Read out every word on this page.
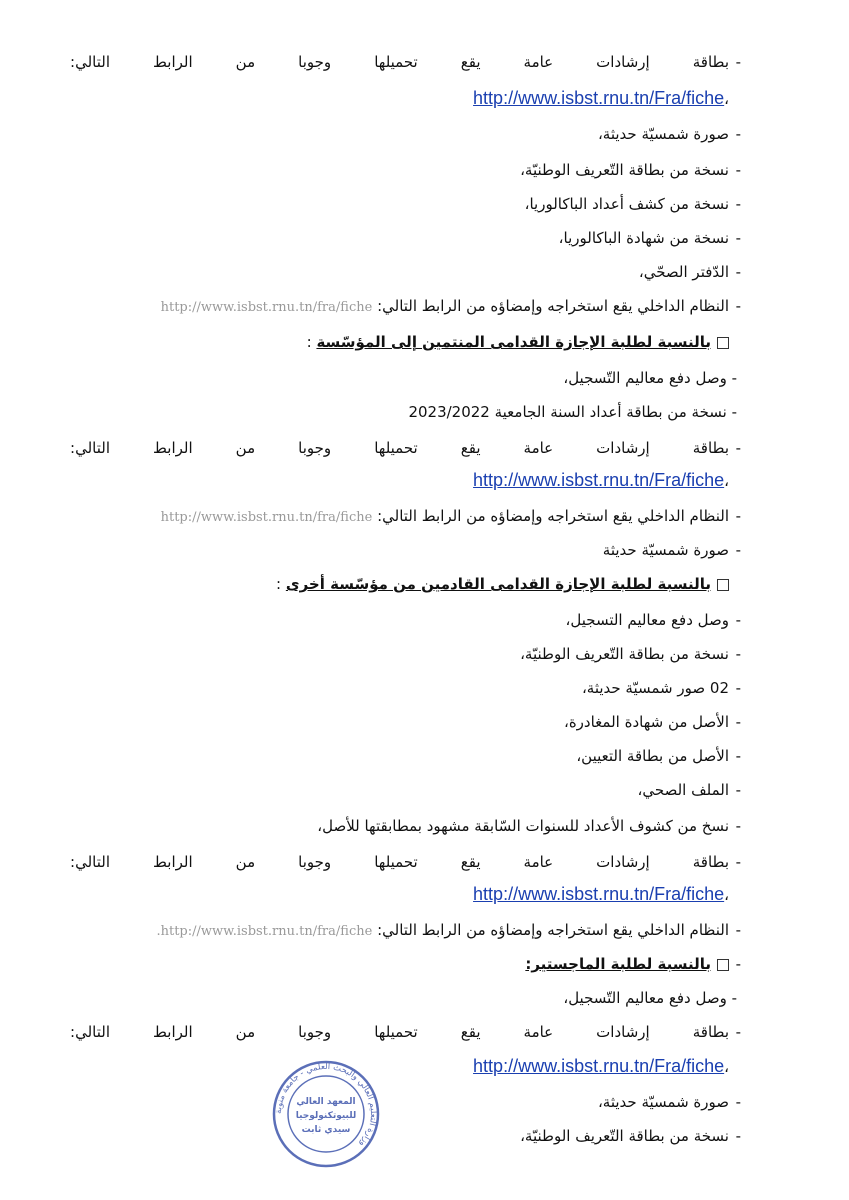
-
بطاقة
إرشادات
عامة
يقع
تحميلها
وجوبا
من
الرابط
التالي:
،http://www.isbst.rnu.tn/Fra/fiche
-
صورة شمسيّة حديثة،
-
نسخة من بطاقة التّعريف الوطنيّة،
-
نسخة من كشف أعداد الباكالوريا،
-
نسخة من شهادة الباكالوريا،
-
الدّفتر الصحّي،
-
النظام الداخلي يقع استخراجه وإمضاؤه من الرابط التالي: http://www.isbst.rnu.tn/fra/fiche
بالنسبة لطلبة الإجازة القدامى المنتمين إلى المؤسّسة :
- وصل دفع معاليم التّسجيل،
- نسخة من بطاقة أعداد السنة الجامعية 2023/2022
-
بطاقة
إرشادات
عامة
يقع
تحميلها
وجوبا
من
الرابط
التالي:
،http://www.isbst.rnu.tn/Fra/fiche
-
النظام الداخلي يقع استخراجه وإمضاؤه من الرابط التالي: http://www.isbst.rnu.tn/fra/fiche
-
صورة شمسيّة حديثة
بالنسبة لطلبة الإجازة القدامى القادمين من مؤسّسة أخرى :
-
وصل دفع معاليم التسجيل،
-
نسخة من بطاقة التّعريف الوطنيّة،
-
02 صور شمسيّة حديثة،
-
الأصل من شهادة المغادرة،
-
الأصل من بطاقة التعيين،
-
الملف الصحي،
-
نسخ من كشوف الأعداد للسنوات السّابقة مشهود بمطابقتها للأصل،
-
بطاقة
إرشادات
عامة
يقع
تحميلها
وجوبا
من
الرابط
التالي:
،http://www.isbst.rnu.tn/Fra/fiche
-
النظام الداخلي يقع استخراجه وإمضاؤه من الرابط التالي: http://www.isbst.rnu.tn/fra/fiche.
-
بالنسبة لطلبة الماجستير:
- وصل دفع معاليم التّسجيل،
-
بطاقة
إرشادات
عامة
يقع
تحميلها
وجوبا
من
الرابط
التالي:
،http://www.isbst.rnu.tn/Fra/fiche
-
صورة شمسيّة حديثة،
-
نسخة من بطاقة التّعريف الوطنيّة،
وزارة التعليم العالي والبحث العلمي - جامعة منوبة
المعهد العالي
للبيوتكنولوجيا
سيدي ثابت
